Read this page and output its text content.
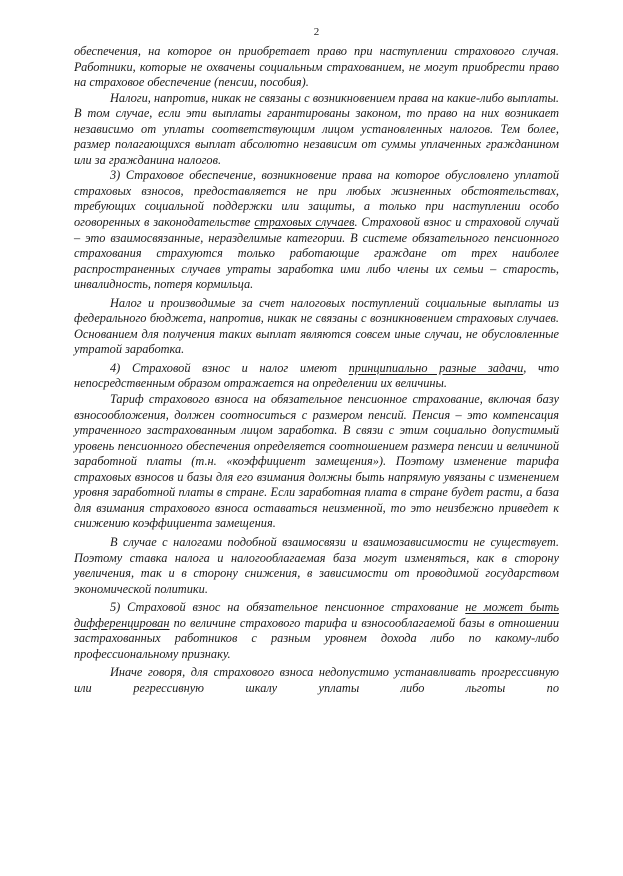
2

обеспечения, на которое он приобретает право при наступлении страхового случая. Работники, которые не охвачены социальным страхованием, не могут приобрести право на страховое обеспечение (пенсии, пособия).

Налоги, напротив, никак не связаны с возникновением права на какие-либо выплаты. В том случае, если эти выплаты гарантированы законом, то право на них возникает независимо от уплаты соответствующим лицом установленных налогов. Тем более, размер полагающихся выплат абсолютно независим от суммы уплаченных гражданином или за гражданина налогов.

3) Страховое обеспечение, возникновение права на которое обусловлено уплатой страховых взносов, предоставляется не при любых жизненных обстоятельствах, требующих социальной поддержки или защиты, а только при наступлении особо оговоренных в законодательстве страховых случаев. Страховой взнос и страховой случай – это взаимосвязанные, неразделимые категории. В системе обязательного пенсионного страхования страхуются только работающие граждане от трех наиболее распространенных случаев утраты заработка ими либо члены их семьи – старость, инвалидность, потеря кормильца.

Налог и производимые за счет налоговых поступлений социальные выплаты из федерального бюджета, напротив, никак не связаны с возникновением страховых случаев. Основанием для получения таких выплат являются совсем иные случаи, не обусловленные утратой заработка.

4) Страховой взнос и налог имеют принципиально разные задачи, что непосредственным образом отражается на определении их величины.

Тариф страхового взноса на обязательное пенсионное страхование, включая базу взносообложения, должен соотноситься с размером пенсий. Пенсия – это компенсация утраченного застрахованным лицом заработка. В связи с этим социально допустимый уровень пенсионного обеспечения определяется соотношением размера пенсии и величиной заработной платы (т.н. «коэффициент замещения»). Поэтому изменение тарифа страховых взносов и базы для его взимания должны быть напрямую увязаны с изменением уровня заработной платы в стране. Если заработная плата в стране будет расти, а база для взимания страхового взноса оставаться неизменной, то это неизбежно приведет к снижению коэффициента замещения.

В случае с налогами подобной взаимосвязи и взаимозависимости не существует. Поэтому ставка налога и налогооблагаемая база могут изменяться, как в сторону увеличения, так и в сторону снижения, в зависимости от проводимой государством экономической политики.

5) Страховой взнос на обязательное пенсионное страхование не может быть дифференцирован по величине страхового тарифа и взносооблагаемой базы в отношении застрахованных работников с разным уровнем дохода либо по какому-либо профессиональному признаку.

Иначе говоря, для страхового взноса недопустимо устанавливать прогрессивную или регрессивную шкалу уплаты либо льготы по
